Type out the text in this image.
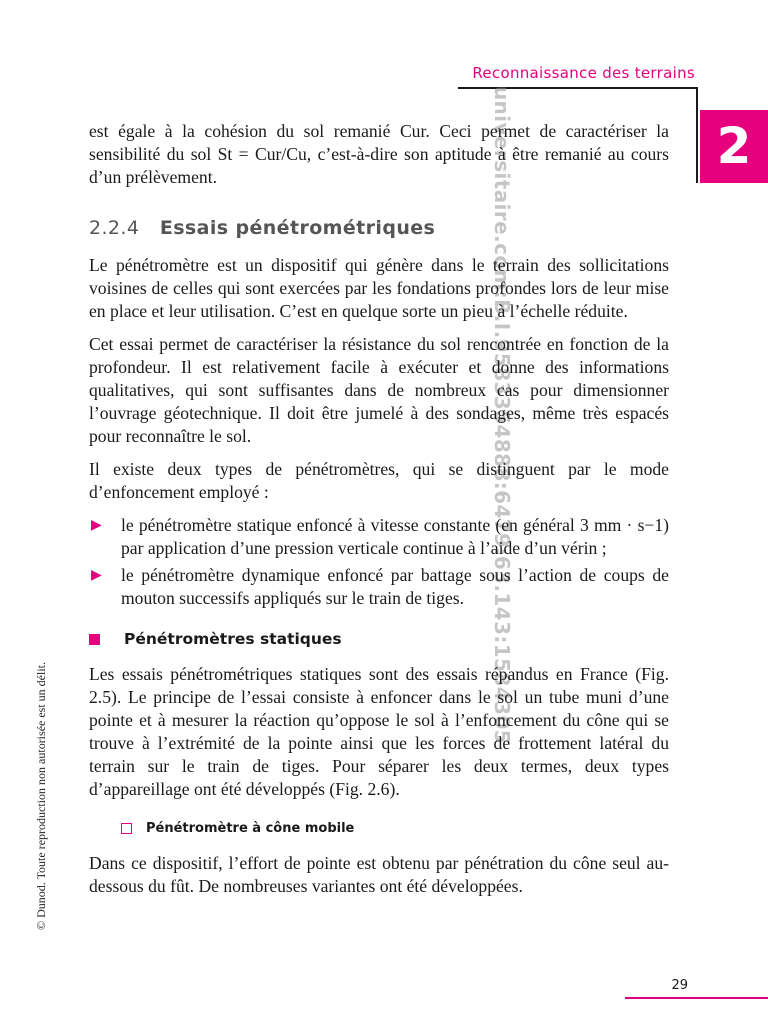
Reconnaissance des terrains
2
universitaire.com:B.I.9583354888:6479:63.143:1584305

est égale à la cohésion du sol remanié Cur. Ceci permet de caractériser la sensibilité du sol St = Cur/Cu, c’est-à-dire son aptitude à être remanié au cours d’un prélèvement.

2.2.4 Essais pénétrométriques

Le pénétromètre est un dispositif qui génère dans le terrain des sollicitations voisines de celles qui sont exercées par les fondations profondes lors de leur mise en place et leur utilisation. C’est en quelque sorte un pieu à l’échelle réduite.

Cet essai permet de caractériser la résistance du sol rencontrée en fonction de la profondeur. Il est relativement facile à exécuter et donne des informations qualitatives, qui sont suffisantes dans de nombreux cas pour dimensionner l’ouvrage géotechnique. Il doit être jumelé à des sondages, même très espacés pour reconnaître le sol.

Il existe deux types de pénétromètres, qui se distinguent par le mode d’enfoncement employé :

▶ le pénétromètre statique enfoncé à vitesse constante (en général 3 mm · s−1) par application d’une pression verticale continue à l’aide d’un vérin ;
▶ le pénétromètre dynamique enfoncé par battage sous l’action de coups de mouton successifs appliqués sur le train de tiges.
Pénétromètres statiques

Les essais pénétrométriques statiques sont des essais répandus en France (Fig. 2.5). Le principe de l’essai consiste à enfoncer dans le sol un tube muni d’une pointe et à mesurer la réaction qu’oppose le sol à l’enfoncement du cône qui se trouve à l’extrémité de la pointe ainsi que les forces de frottement latéral du terrain sur le train de tiges. Pour séparer les deux termes, deux types d’appareillage ont été développés (Fig. 2.6).

Pénétromètre à cône mobile

Dans ce dispositif, l’effort de pointe est obtenu par pénétration du cône seul au-dessous du fût. De nombreuses variantes ont été développées.

© Dunod. Toute reproduction non autorisée est un délit.
29
